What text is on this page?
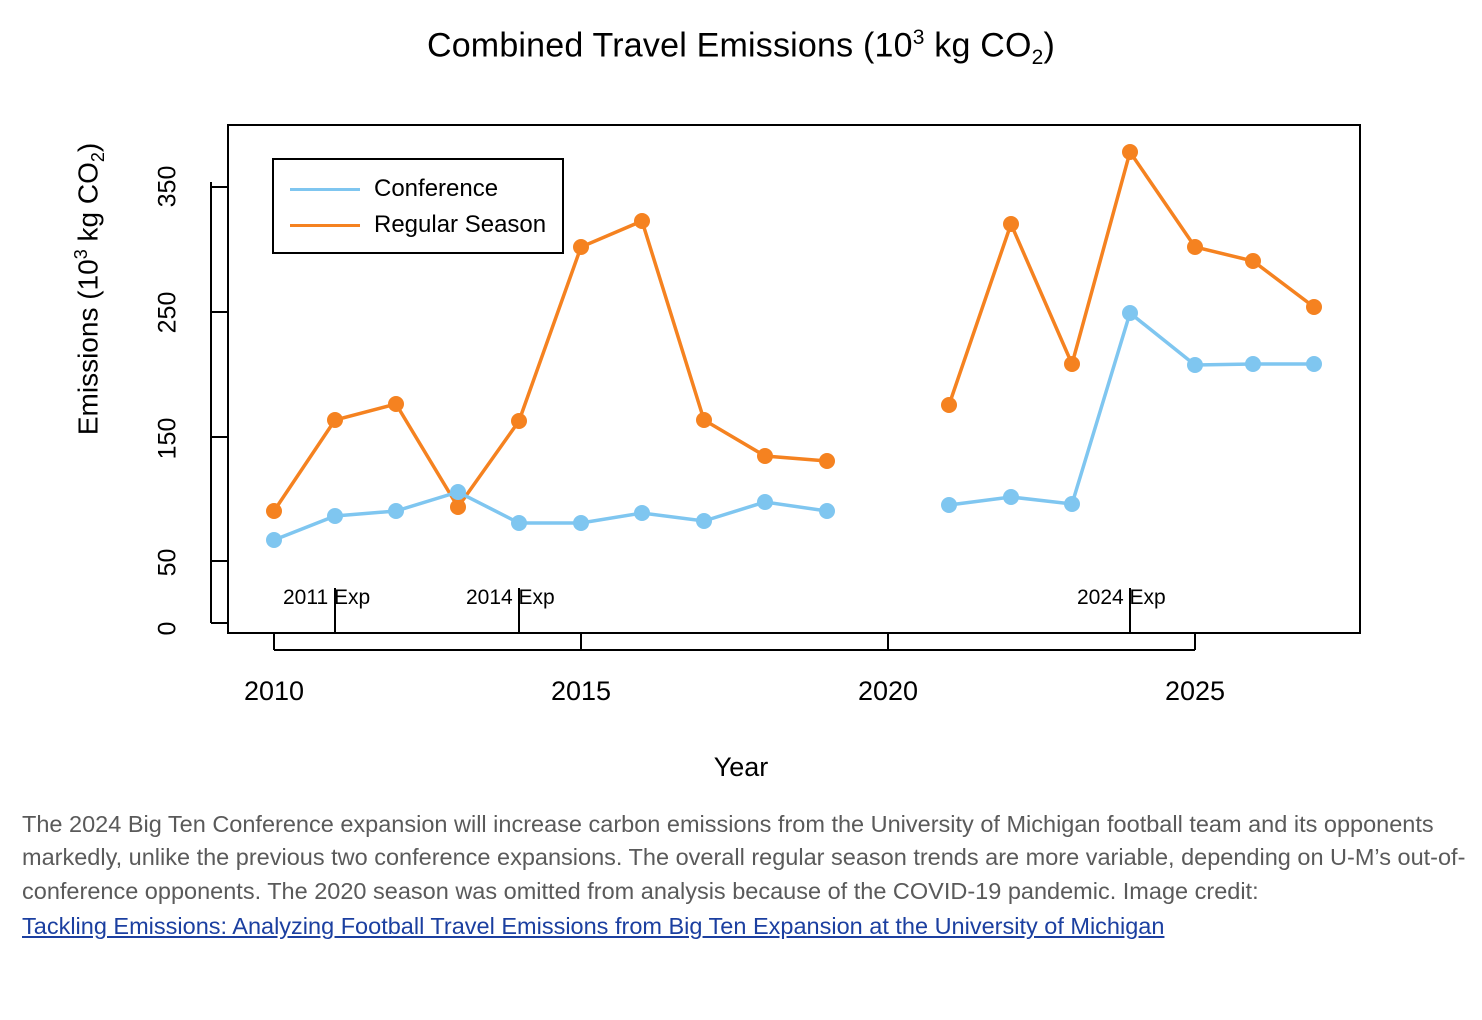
Combined Travel Emissions ($10^3$ kg $CO_2$)
Emissions ($10^3$ kg $CO_2$)
Year
0
50
150
250
350
2010	2015	2020	2025
2011 Exp	2014 Exp	2024 Exp
Conference
Regular Season
The 2024 Big Ten Conference expansion will increase carbon emissions from the University of Michigan football team and its opponents markedly, unlike the previous two conference expansions. The overall regular season trends are more variable, depending on U-M’s out-of-conference opponents. The 2020 season was omitted from analysis because of the COVID-19 pandemic. Image credit:
Tackling Emissions: Analyzing Football Travel Emissions from Big Ten Expansion at the University of Michigan
